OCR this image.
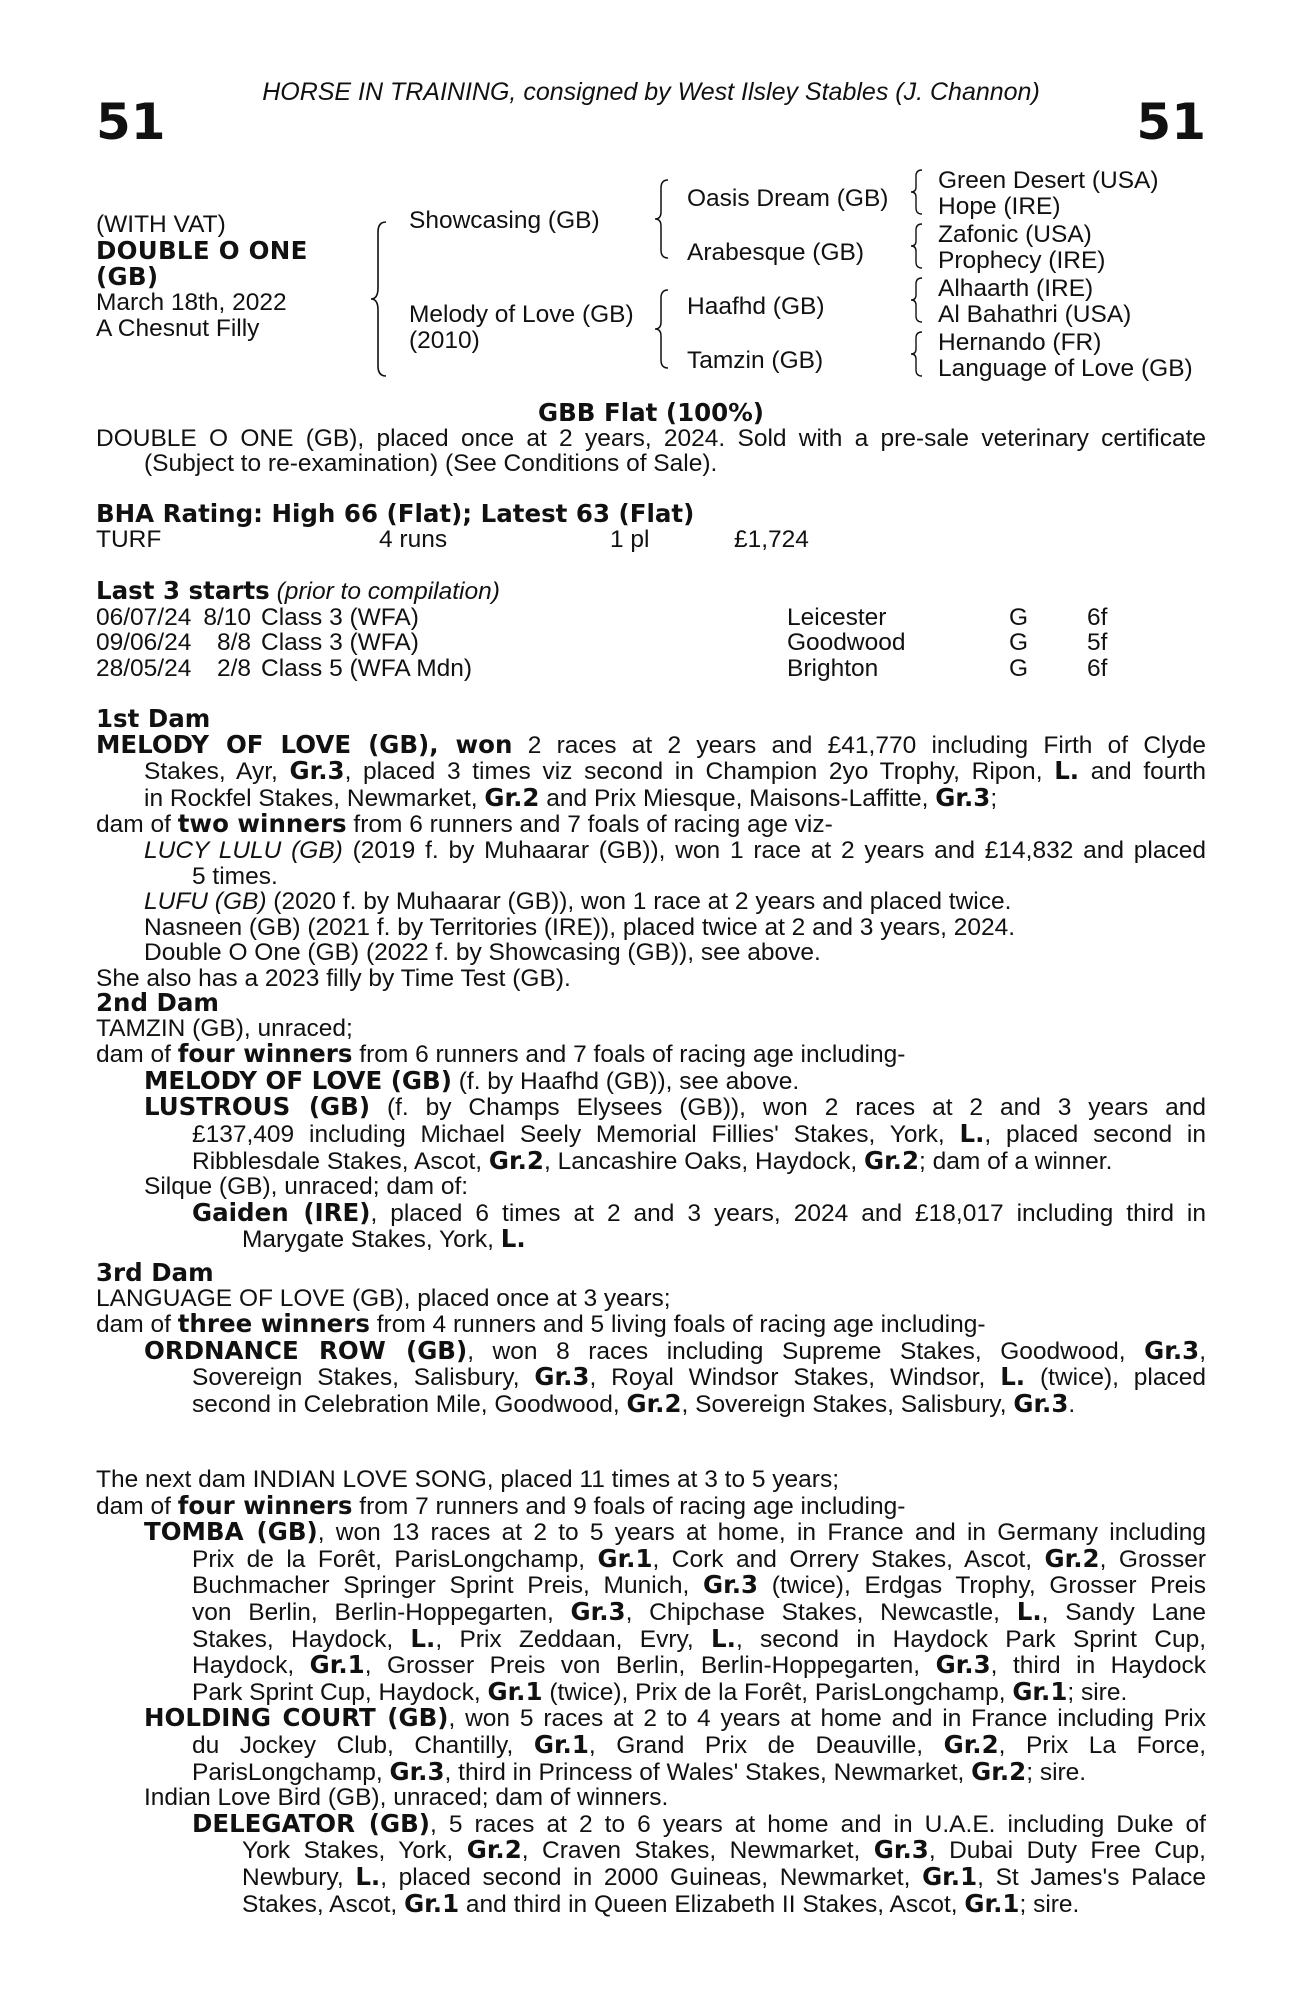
HORSE IN TRAINING, consigned by West Ilsley Stables (J. Channon)
51	51
(WITH VAT)
DOUBLE O ONE
(GB)
March 18th, 2022
A Chesnut Filly
Showcasing (GB)
Melody of Love (GB)
(2010)
Oasis Dream (GB)
Arabesque (GB)
Haafhd (GB)
Tamzin (GB)
Green Desert (USA)
Hope (IRE)
Zafonic (USA)
Prophecy (IRE)
Alhaarth (IRE)
Al Bahathri (USA)
Hernando (FR)
Language of Love (GB)
GBB Flat (100%)
DOUBLE O ONE (GB), placed once at 2 years, 2024. Sold with a pre-sale veterinary certificate
(Subject to re-examination) (See Conditions of Sale).
BHA Rating: High 66 (Flat); Latest 63 (Flat)
TURF	4 runs	1 pl	£1,724
Last 3 starts (prior to compilation)
06/07/24 8/10 Class 3 (WFA)	Leicester	G	6f
09/06/24	8/8 Class 3 (WFA)	Goodwood	G	5f
28/05/24	2/8 Class 5 (WFA Mdn)	Brighton	G	6f
1st Dam
MELODY OF LOVE (GB), won 2 races at 2 years and £41,770 including Firth of Clyde
Stakes, Ayr, Gr.3, placed 3 times viz second in Champion 2yo Trophy, Ripon, L. and fourth
in Rockfel Stakes, Newmarket, Gr.2 and Prix Miesque, Maisons-Laffitte, Gr.3;
dam of two winners from 6 runners and 7 foals of racing age viz-
LUCY LULU (GB) (2019 f. by Muhaarar (GB)), won 1 race at 2 years and £14,832 and placed
5 times.
LUFU (GB) (2020 f. by Muhaarar (GB)), won 1 race at 2 years and placed twice.
Nasneen (GB) (2021 f. by Territories (IRE)), placed twice at 2 and 3 years, 2024.
Double O One (GB) (2022 f. by Showcasing (GB)), see above.
She also has a 2023 filly by Time Test (GB).
2nd Dam
TAMZIN (GB), unraced;
dam of four winners from 6 runners and 7 foals of racing age including-
MELODY OF LOVE (GB) (f. by Haafhd (GB)), see above.
LUSTROUS (GB) (f. by Champs Elysees (GB)), won 2 races at 2 and 3 years and
£137,409 including Michael Seely Memorial Fillies' Stakes, York, L., placed second in
Ribblesdale Stakes, Ascot, Gr.2, Lancashire Oaks, Haydock, Gr.2; dam of a winner.
Silque (GB), unraced; dam of:
Gaiden (IRE), placed 6 times at 2 and 3 years, 2024 and £18,017 including third in
Marygate Stakes, York, L.
3rd Dam
LANGUAGE OF LOVE (GB), placed once at 3 years;
dam of three winners from 4 runners and 5 living foals of racing age including-
ORDNANCE ROW (GB), won 8 races including Supreme Stakes, Goodwood, Gr.3,
Sovereign Stakes, Salisbury, Gr.3, Royal Windsor Stakes, Windsor, L. (twice), placed
second in Celebration Mile, Goodwood, Gr.2, Sovereign Stakes, Salisbury, Gr.3.
The next dam INDIAN LOVE SONG, placed 11 times at 3 to 5 years;
dam of four winners from 7 runners and 9 foals of racing age including-
TOMBA (GB), won 13 races at 2 to 5 years at home, in France and in Germany including
Prix de la Forêt, ParisLongchamp, Gr.1, Cork and Orrery Stakes, Ascot, Gr.2, Grosser
Buchmacher Springer Sprint Preis, Munich, Gr.3 (twice), Erdgas Trophy, Grosser Preis
von Berlin, Berlin-Hoppegarten, Gr.3, Chipchase Stakes, Newcastle, L., Sandy Lane
Stakes, Haydock, L., Prix Zeddaan, Evry, L., second in Haydock Park Sprint Cup,
Haydock, Gr.1, Grosser Preis von Berlin, Berlin-Hoppegarten, Gr.3, third in Haydock
Park Sprint Cup, Haydock, Gr.1 (twice), Prix de la Forêt, ParisLongchamp, Gr.1; sire.
HOLDING COURT (GB), won 5 races at 2 to 4 years at home and in France including Prix
du Jockey Club, Chantilly, Gr.1, Grand Prix de Deauville, Gr.2, Prix La Force,
ParisLongchamp, Gr.3, third in Princess of Wales' Stakes, Newmarket, Gr.2; sire.
Indian Love Bird (GB), unraced; dam of winners.
DELEGATOR (GB), 5 races at 2 to 6 years at home and in U.A.E. including Duke of
York Stakes, York, Gr.2, Craven Stakes, Newmarket, Gr.3, Dubai Duty Free Cup,
Newbury, L., placed second in 2000 Guineas, Newmarket, Gr.1, St James's Palace
Stakes, Ascot, Gr.1 and third in Queen Elizabeth II Stakes, Ascot, Gr.1; sire.
